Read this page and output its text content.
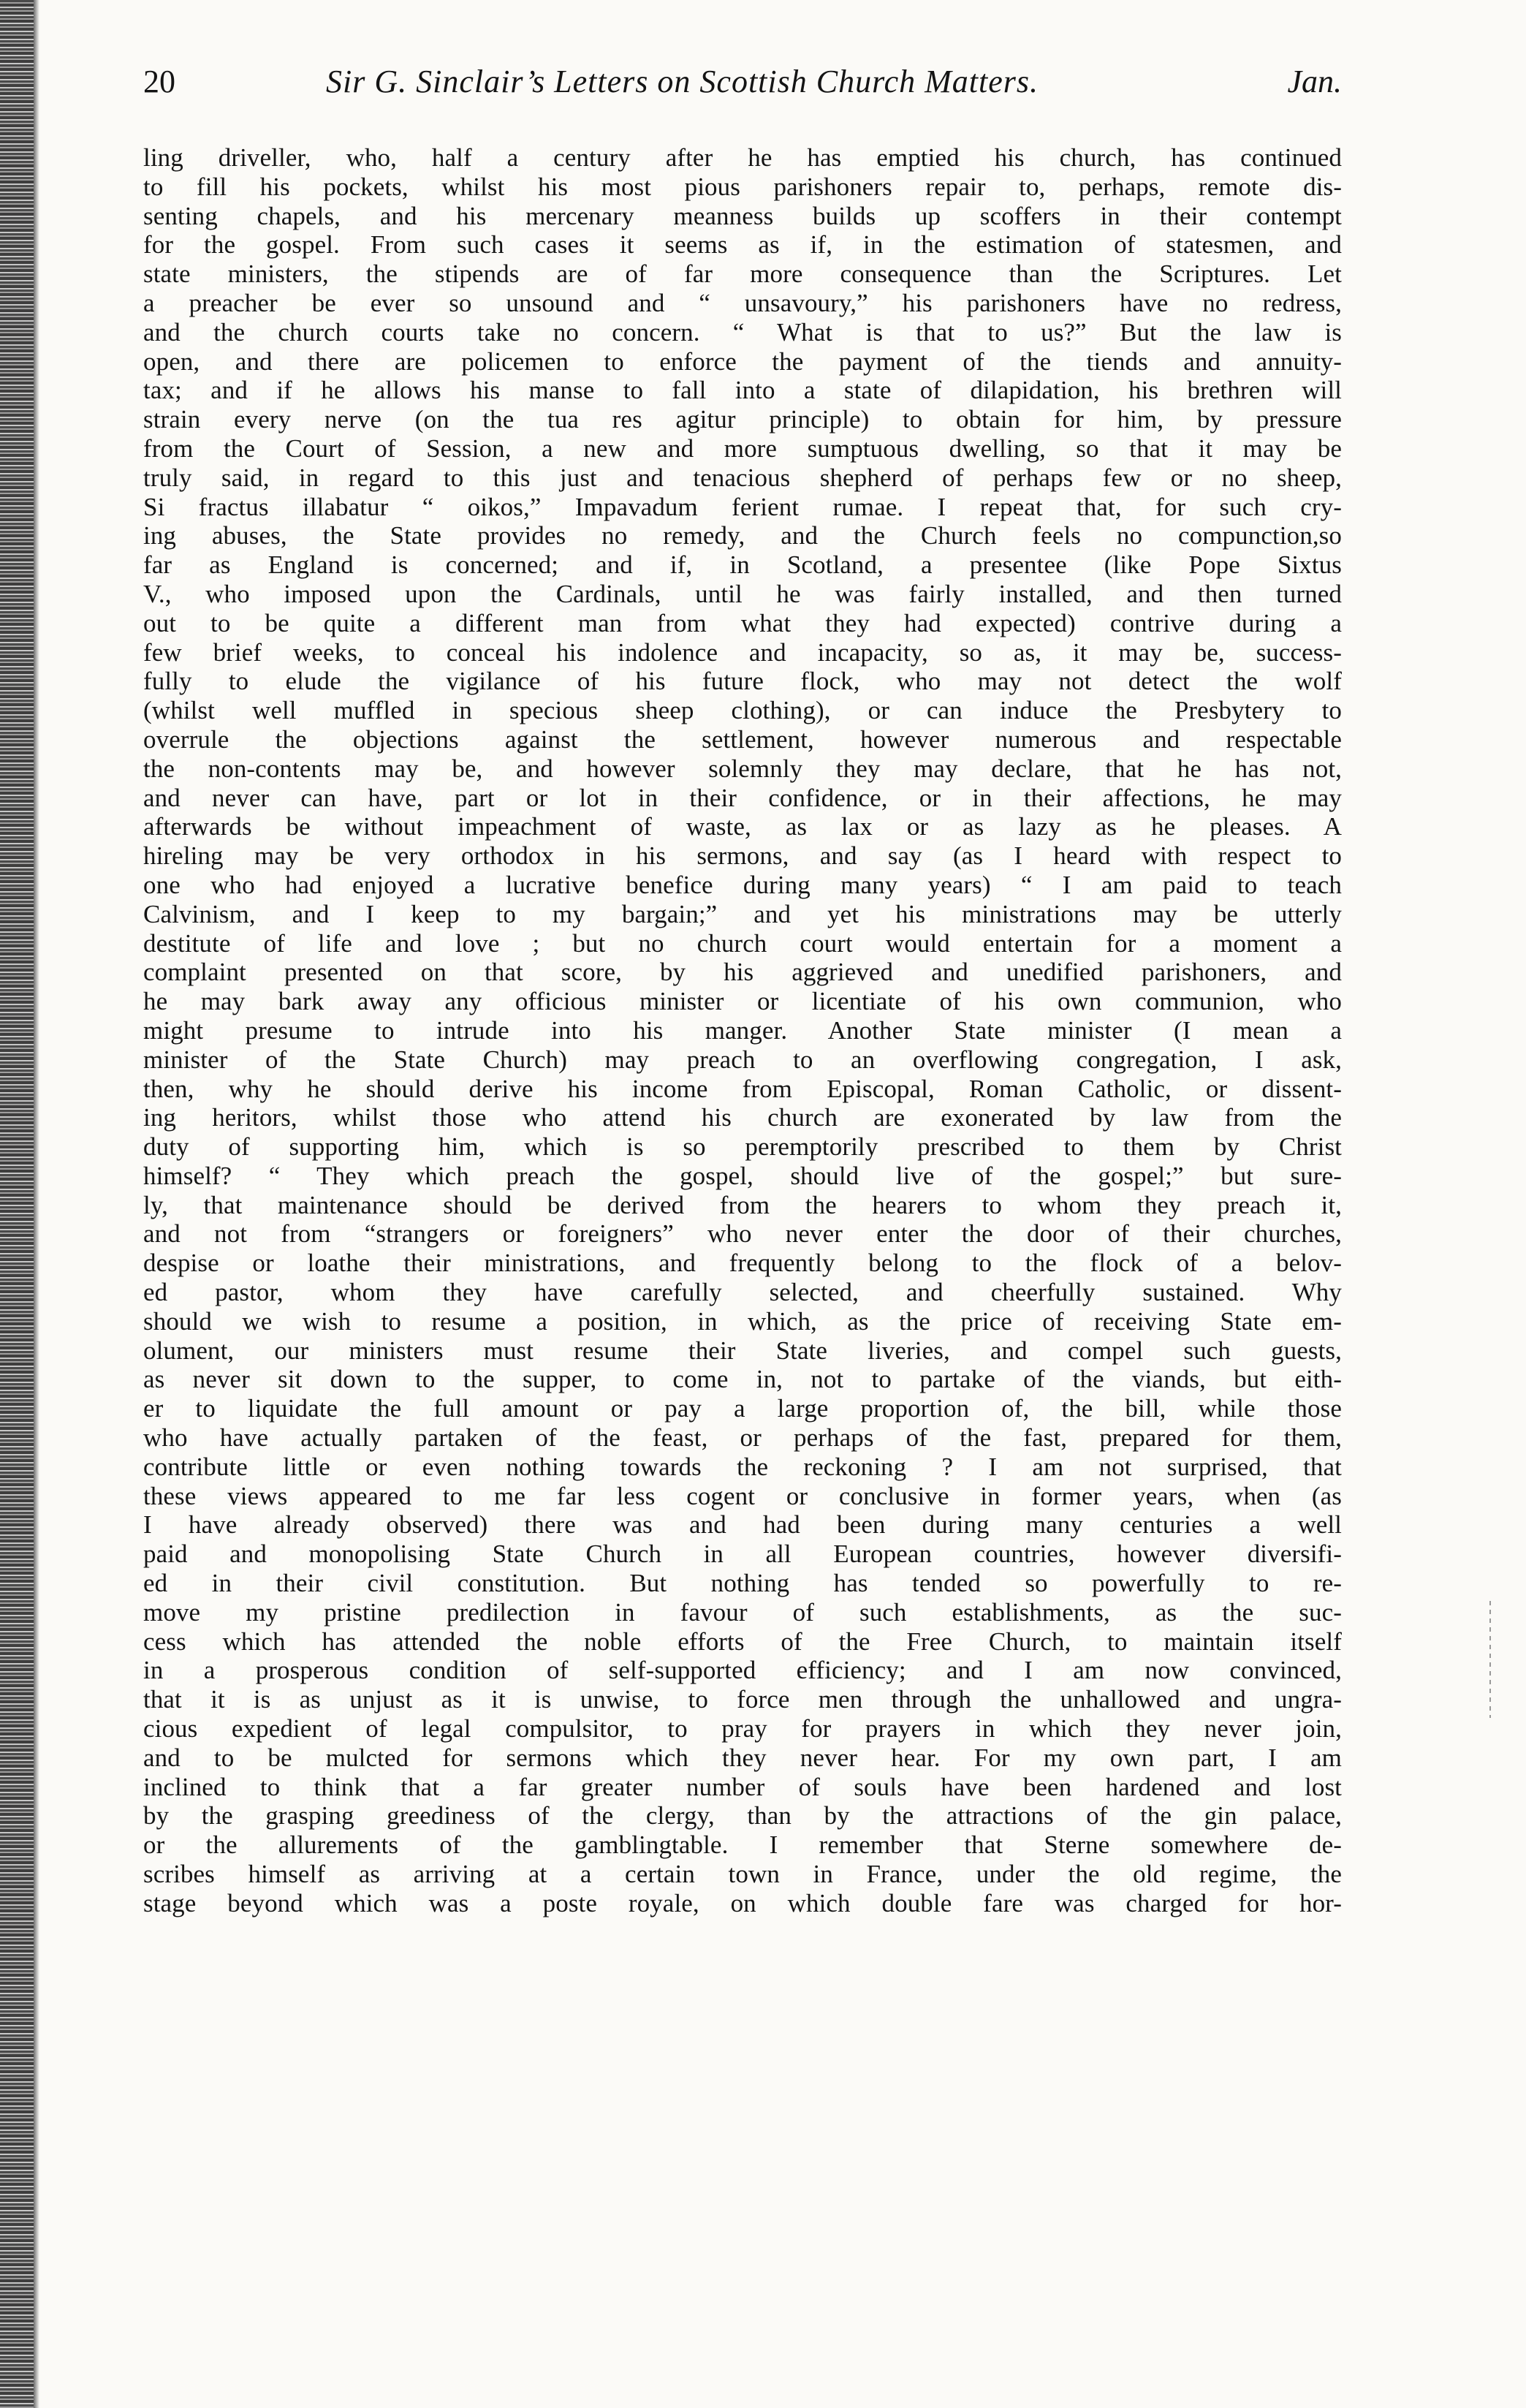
20	Sir G. Sinclair’s Letters on Scottish Church Matters.	Jan.
ling driveller, who, half a century after he has emptied his church, has continued
to fill his pockets, whilst his most pious parishoners repair to, perhaps, remote dis-
senting chapels, and his mercenary meanness builds up scoffers in their contempt
for the gospel. From such cases it seems as if, in the estimation of statesmen, and
state ministers, the stipends are of far more consequence than the Scriptures. Let
a preacher be ever so unsound and “ unsavoury,” his parishoners have no redress,
and the church courts take no concern. “ What is that to us?” But the law is
open, and there are policemen to enforce the payment of the tiends and annuity-
tax; and if he allows his manse to fall into a state of dilapidation, his brethren will
strain every nerve (on the tua res agitur principle) to obtain for him, by pressure
from the Court of Session, a new and more sumptuous dwelling, so that it may be
truly said, in regard to this just and tenacious shepherd of perhaps few or no sheep,
Si fractus illabatur “ oikos,” Impavadum ferient rumae. I repeat that, for such cry-
ing abuses, the State provides no remedy, and the Church feels no compunction,so
far as England is concerned; and if, in Scotland, a presentee (like Pope Sixtus
V., who imposed upon the Cardinals, until he was fairly installed, and then turned
out to be quite a different man from what they had expected) contrive during a
few brief weeks, to conceal his indolence and incapacity, so as, it may be, success-
fully to elude the vigilance of his future flock, who may not detect the wolf
(whilst well muffled in specious sheep clothing), or can induce the Presbytery to
overrule the objections against the settlement, however numerous and respectable
the non-contents may be, and however solemnly they may declare, that he has not,
and never can have, part or lot in their confidence, or in their affections, he may
afterwards be without impeachment of waste, as lax or as lazy as he pleases. A
hireling may be very orthodox in his sermons, and say (as I heard with respect to
one who had enjoyed a lucrative benefice during many years) “ I am paid to teach
Calvinism, and I keep to my bargain;” and yet his ministrations may be utterly
destitute of life and love ; but no church court would entertain for a moment a
complaint presented on that score, by his aggrieved and unedified parishoners, and
he may bark away any officious minister or licentiate of his own communion, who
might presume to intrude into his manger. Another State minister (I mean a
minister of the State Church) may preach to an overflowing congregation, I ask,
then, why he should derive his income from Episcopal, Roman Catholic, or dissent-
ing heritors, whilst those who attend his church are exonerated by law from the
duty of supporting him, which is so peremptorily prescribed to them by Christ
himself? “ They which preach the gospel, should live of the gospel;” but sure-
ly, that maintenance should be derived from the hearers to whom they preach it,
and not from “strangers or foreigners” who never enter the door of their churches,
despise or loathe their ministrations, and frequently belong to the flock of a belov-
ed pastor, whom they have carefully selected, and cheerfully sustained. Why
should we wish to resume a position, in which, as the price of receiving State em-
olument, our ministers must resume their State liveries, and compel such guests,
as never sit down to the supper, to come in, not to partake of the viands, but eith-
er to liquidate the full amount or pay a large proportion of, the bill, while those
who have actually partaken of the feast, or perhaps of the fast, prepared for them,
contribute little or even nothing towards the reckoning ? I am not surprised, that
these views appeared to me far less cogent or conclusive in former years, when (as
I have already observed) there was and had been during many centuries a well
paid and monopolising State Church in all European countries, however diversifi-
ed in their civil constitution. But nothing has tended so powerfully to re-
move my pristine predilection in favour of such establishments, as the suc-
cess which has attended the noble efforts of the Free Church, to maintain itself
in a prosperous condition of self-supported efficiency; and I am now convinced,
that it is as unjust as it is unwise, to force men through the unhallowed and ungra-
cious expedient of legal compulsitor, to pray for prayers in which they never join,
and to be mulcted for sermons which they never hear. For my own part, I am
inclined to think that a far greater number of souls have been hardened and lost
by the grasping greediness of the clergy, than by the attractions of the gin palace,
or the allurements of the gamblingtable. I remember that Sterne somewhere de-
scribes himself as arriving at a certain town in France, under the old regime, the
stage beyond which was a poste royale, on which double fare was charged for hor-
